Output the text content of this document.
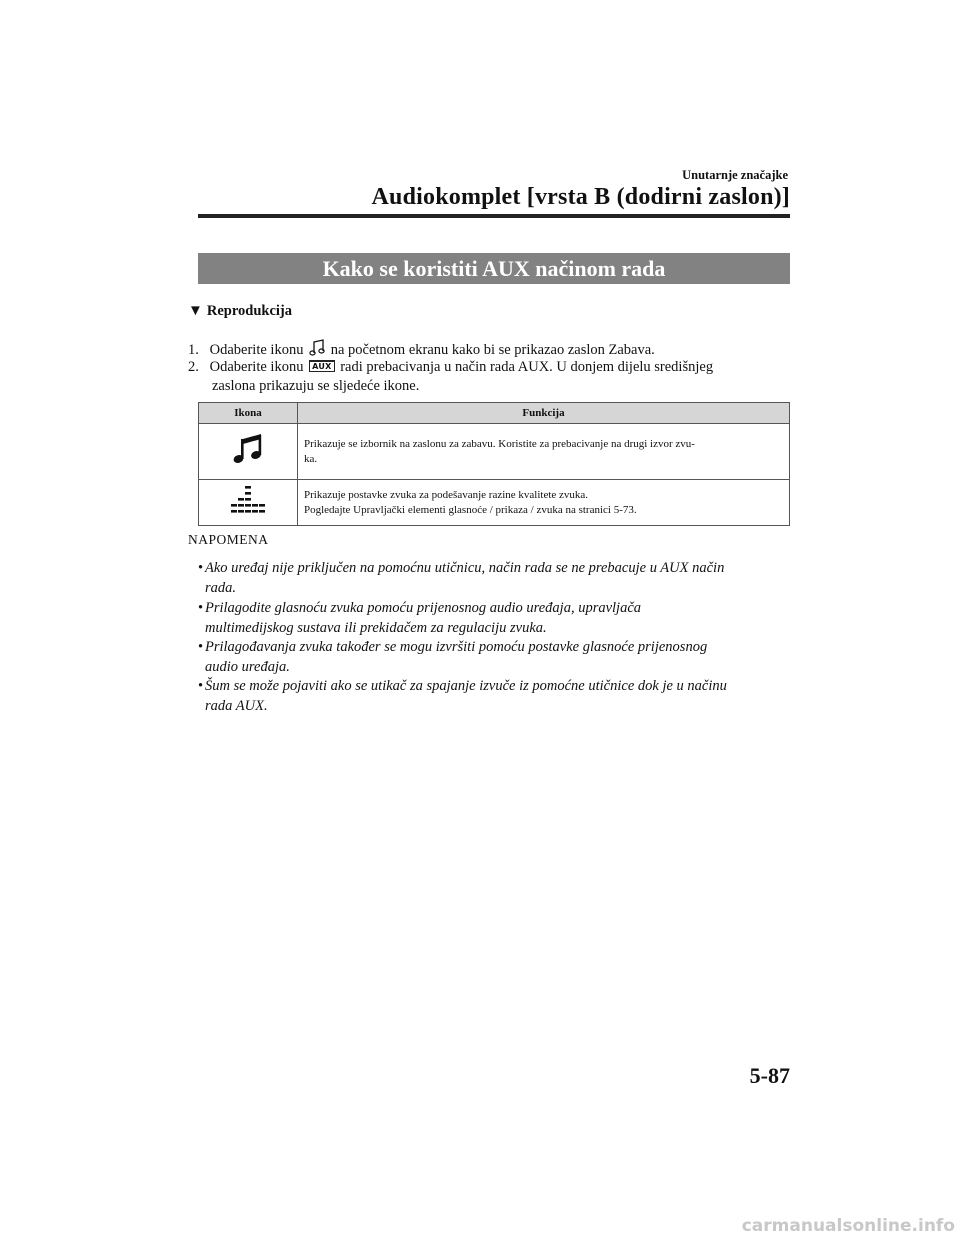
Unutarnje značajke
Audiokomplet [vrsta B (dodirni zaslon)]
Kako se koristiti AUX načinom rada
▼ Reprodukcija
1. Odaberite ikonu na početnom ekranu kako bi se prikazao zaslon Zabava.
2. Odaberite ikonu AUX radi prebacivanja u način rada AUX. U donjem dijelu središnjeg
zaslona prikazuju se sljedeće ikone.
Ikona	Funkcija
	Prikazuje se izbornik na zaslonu za zabavu. Koristite za prebacivanje na drugi izvor zvu-
ka.
	Prikazuje postavke zvuka za podešavanje razine kvalitete zvuka.
Pogledajte Upravljački elementi glasnoće / prikaza / zvuka na stranici 5-73.
NAPOMENA
• Ako uređaj nije priključen na pomoćnu utičnicu, način rada se ne prebacuje u AUX način
rada.
• Prilagodite glasnoću zvuka pomoću prijenosnog audio uređaja, upravljača
multimedijskog sustava ili prekidačem za regulaciju zvuka.
• Prilagođavanja zvuka također se mogu izvršiti pomoću postavke glasnoće prijenosnog
audio uređaja.
• Šum se može pojaviti ako se utikač za spajanje izvuče iz pomoćne utičnice dok je u načinu
rada AUX.
5-87
carmanualsonline.info
